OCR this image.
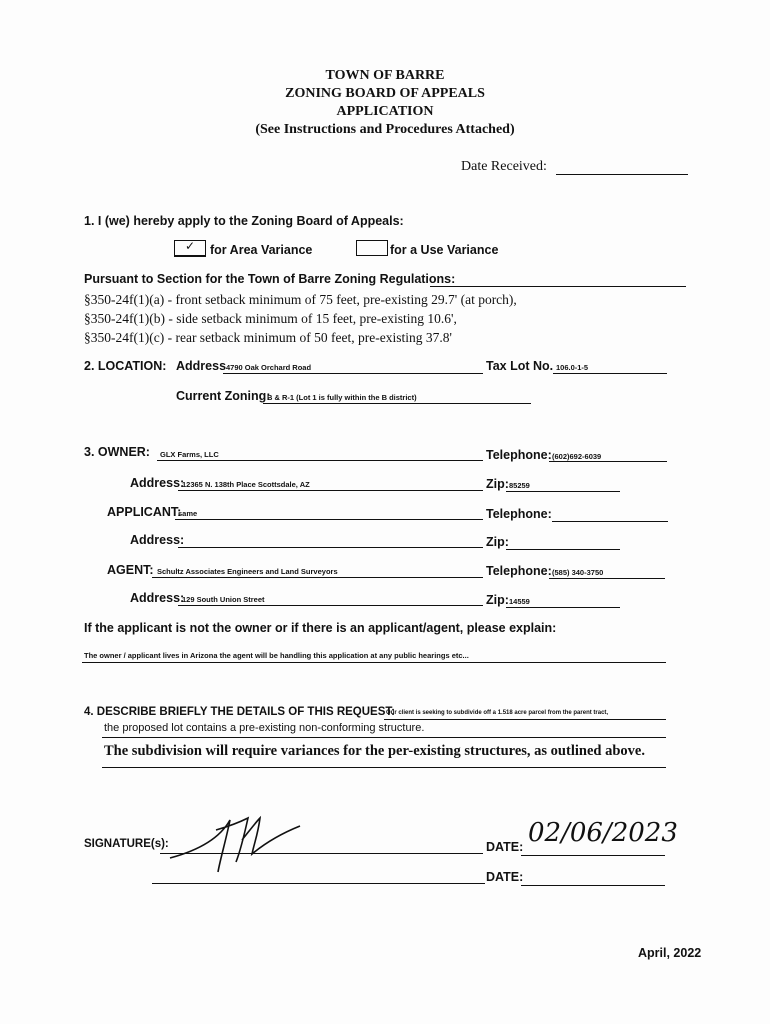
TOWN OF BARRE
ZONING BOARD OF APPEALS
APPLICATION
(See Instructions and Procedures Attached)
Date Received:
1. I (we) hereby apply to the Zoning Board of Appeals:
✓ for Area Variance	for a Use Variance
Pursuant to Section for the Town of Barre Zoning Regulations:
§350-24f(1)(a) - front setback minimum of 75 feet, pre-existing 29.7' (at porch),
§350-24f(1)(b) - side setback minimum of 15 feet, pre-existing 10.6',
§350-24f(1)(c) - rear setback minimum of 50 feet, pre-existing 37.8'
2. LOCATION: Address 4790 Oak Orchard Road	Tax Lot No. 106.0-1-5
Current Zoning:
B & R-1 (Lot 1 is fully within the B district)
3. OWNER: GLX Farms, LLC	Telephone: (602)692-6039
Address:
12365 N. 138th Place Scottsdale, AZ	Zip: 85259
APPLICANT:
same	Telephone:
Address:	Zip:
AGENT: Schultz Associates Engineers and Land Surveyors	Telephone: (585) 340-3750
Address:
129 South Union Street	Zip: 14559
If the applicant is not the owner or if there is an applicant/agent, please explain:
The owner / applicant lives in Arizona the agent will be handling this application at any public hearings etc...
4. DESCRIBE BRIEFLY THE DETAILS OF THIS REQUEST:
Our client is seeking to subdivide off a 1.518 acre parcel from the parent tract,
the proposed lot contains a pre-existing non-conforming structure.
The subdivision will require variances for the per-existing structures, as outlined above.
SIGNATURE(s):	DATE: 02/06/2023
DATE:
April, 2022
